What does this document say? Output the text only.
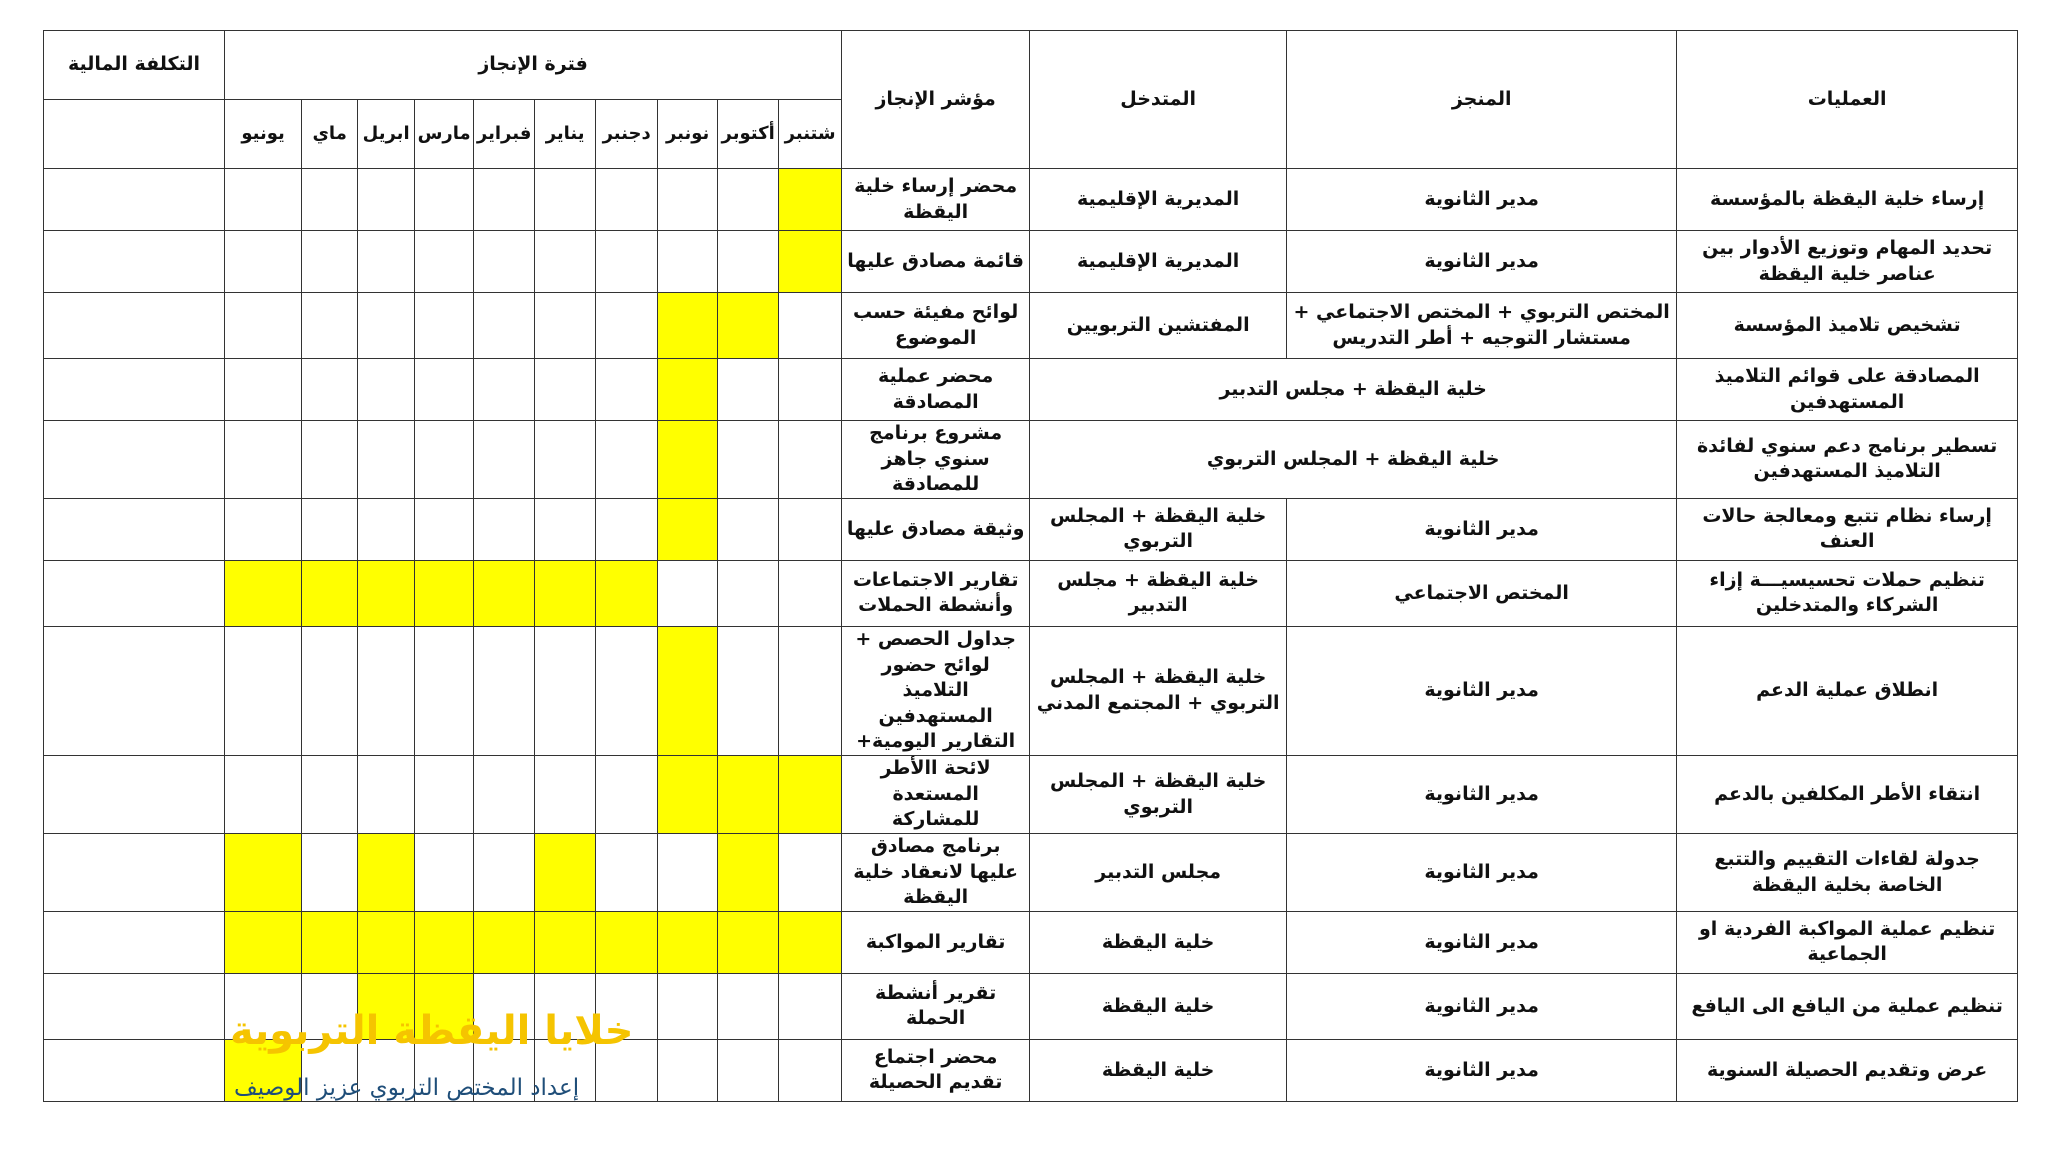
العمليات	المنجز	المتدخل	مؤشر الإنجاز	فترة الإنجاز										التكلفة المالية
				شتنبر	أكتوبر	نونبر	دجنبر	يناير	فبراير	مارس	ابريل	ماي	يونيو	
إرساء خلية اليقظة بالمؤسسة	مدير الثانوية	المديرية الإقليمية	محضر إرساء خلية اليقظة											
تحديد المهام وتوزيع الأدوار بين عناصر خلية اليقظة	مدير الثانوية	المديرية الإقليمية	قائمة مصادق عليها											
تشخيص تلاميذ المؤسسة	المختص التربوي + المختص الاجتماعي + مستشار التوجيه + أطر التدريس	المفتشين التربويين	لوائح مفيئة حسب الموضوع											
المصادقة على قوائم التلاميذ المستهدفين	خلية اليقظة + مجلس التدبير		محضر عملية المصادقة											
تسطير برنامج دعم سنوي لفائدة التلاميذ المستهدفين	خلية اليقظة + المجلس التربوي		مشروع برنامج سنوي جاهز للمصادقة											
إرساء نظام تتبع ومعالجة حالات العنف	مدير الثانوية	خلية اليقظة + المجلس التربوي	وثيقة مصادق عليها											
تنظيم حملات تحسيسيـــة إزاء الشركاء والمتدخلين	المختص الاجتماعي	خلية اليقظة + مجلس التدبير	تقارير الاجتماعات وأنشطة الحملات											
انطلاق عملية الدعم	مدير الثانوية	خلية اليقظة + المجلس التربوي + المجتمع المدني	جداول الحصص + لوائح حضور التلاميذ المستهدفين التقارير اليومية+											
انتقاء الأطر المكلفين بالدعم	مدير الثانوية	خلية اليقظة + المجلس التربوي	لائحة االأطر المستعدة للمشاركة											
جدولة لقاءات التقييم والتتبع الخاصة بخلية اليقظة	مدير الثانوية	مجلس التدبير	برنامج مصادق عليها لانعقاد خلية اليقظة											
تنظيم عملية المواكبة الفردية او الجماعية	مدير الثانوية	خلية اليقظة	تقارير المواكبة											
تنظيم عملية من اليافع الى اليافع	مدير الثانوية	خلية اليقظة	تقرير أنشطة الحملة											
عرض وتقديم الحصيلة السنوية	مدير الثانوية	خلية اليقظة	محضر اجتماع تقديم الحصيلة											
خلايا اليقظة التربوية
إعداد المختص التربوي عزيز الوصيف
